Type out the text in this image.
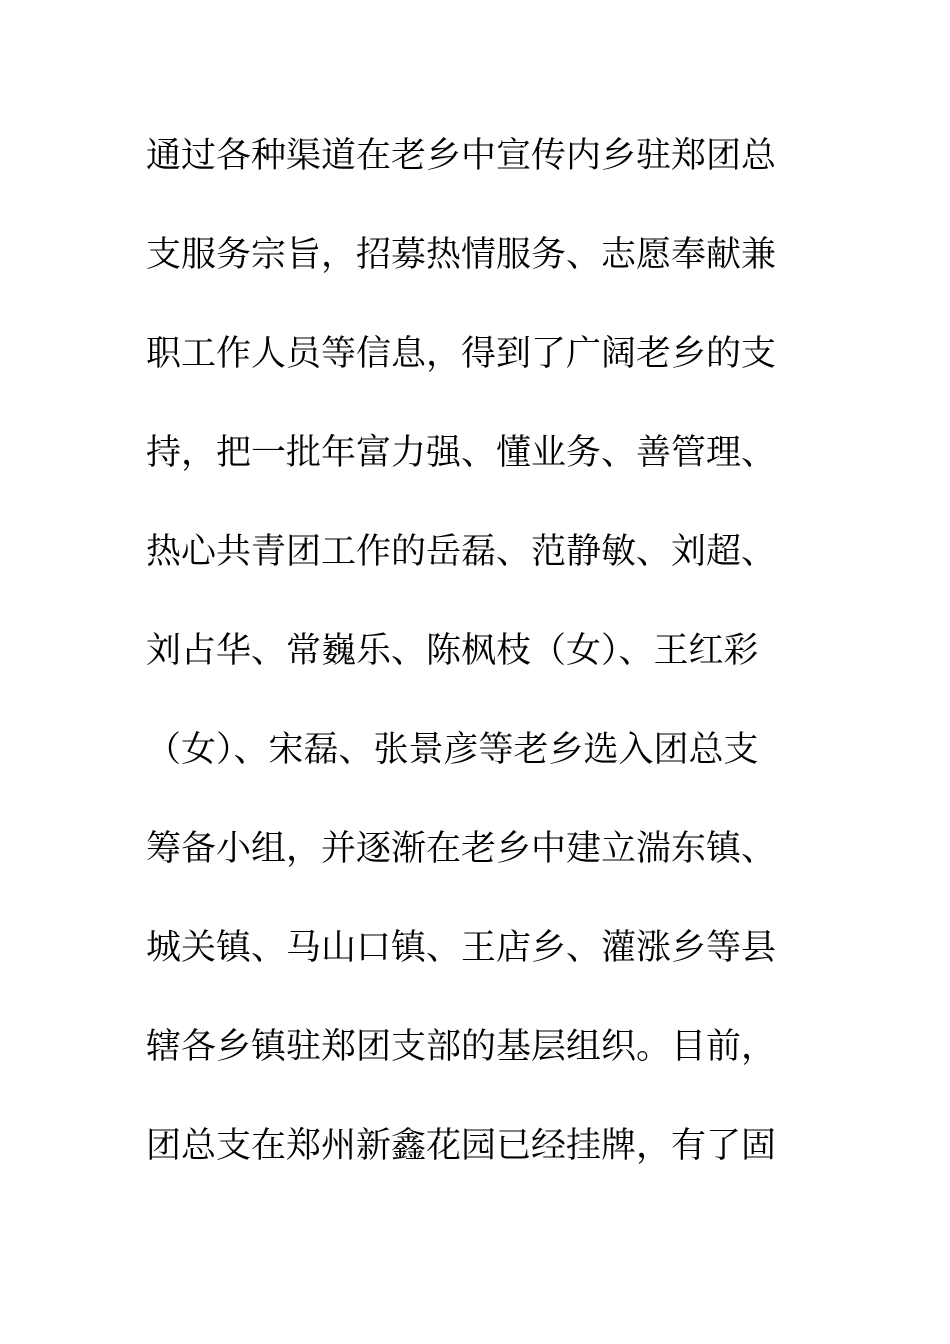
通过各种渠道在老乡中宣传内乡驻郑团总
支服务宗旨，招募热情服务、志愿奉献兼
职工作人员等信息，得到了广阔老乡的支
持，把一批年富力强、懂业务、善管理、
热心共青团工作的岳磊、范静敏、刘超、
刘占华、常巍乐、陈枫枝（女）、王红彩
（女）、宋磊、张景彦等老乡选入团总支
筹备小组，并逐渐在老乡中建立湍东镇、
城关镇、马山口镇、王店乡、灌涨乡等县
辖各乡镇驻郑团支部的基层组织。目前，
团总支在郑州新鑫花园已经挂牌，有了固
